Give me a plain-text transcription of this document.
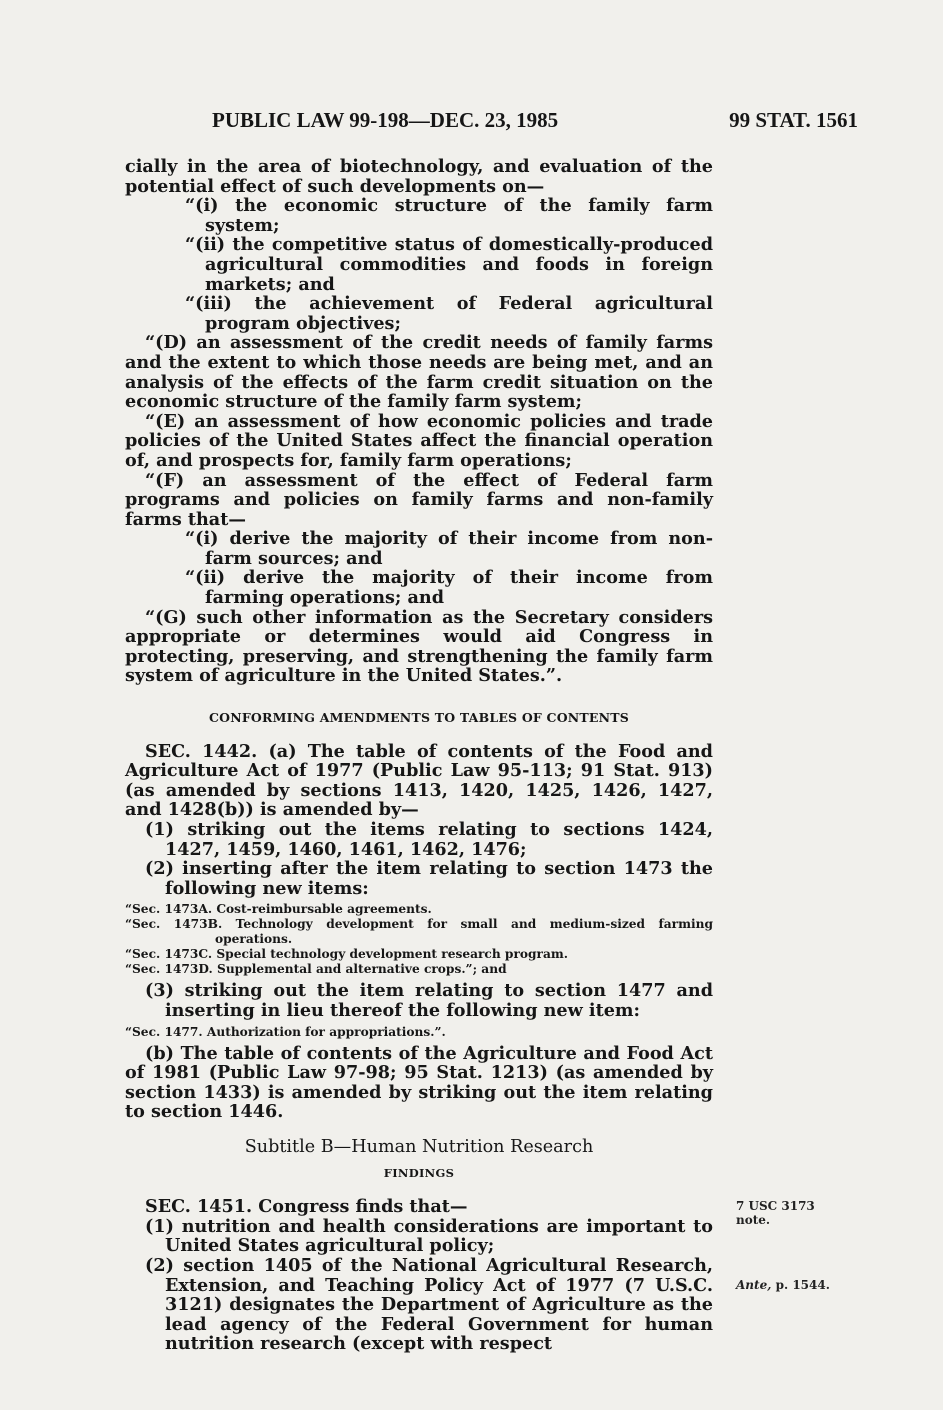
PUBLIC LAW 99-198—DEC. 23, 1985	99 STAT. 1561

cially in the area of biotechnology, and evaluation of the potential effect of such developments on—

“(i) the economic structure of the family farm system;

“(ii) the competitive status of domestically-produced agricultural commodities and foods in foreign markets; and

“(iii) the achievement of Federal agricultural program objectives;

“(D) an assessment of the credit needs of family farms and the extent to which those needs are being met, and an analysis of the effects of the farm credit situation on the economic structure of the family farm system;

“(E) an assessment of how economic policies and trade policies of the United States affect the financial operation of, and prospects for, family farm operations;

“(F) an assessment of the effect of Federal farm programs and policies on family farms and non-family farms that—

“(i) derive the majority of their income from non-farm sources; and

“(ii) derive the majority of their income from farming operations; and

“(G) such other information as the Secretary considers appropriate or determines would aid Congress in protecting, preserving, and strengthening the family farm system of agriculture in the United States.”.

CONFORMING AMENDMENTS TO TABLES OF CONTENTS

SEC. 1442. (a) The table of contents of the Food and Agriculture Act of 1977 (Public Law 95-113; 91 Stat. 913) (as amended by sections 1413, 1420, 1425, 1426, 1427, and 1428(b)) is amended by—

(1) striking out the items relating to sections 1424, 1427, 1459, 1460, 1461, 1462, 1476;

(2) inserting after the item relating to section 1473 the following new items:

“Sec. 1473A. Cost-reimbursable agreements.

“Sec. 1473B. Technology development for small and medium-sized farming operations.

“Sec. 1473C. Special technology development research program.

“Sec. 1473D. Supplemental and alternative crops.”; and

(3) striking out the item relating to section 1477 and inserting in lieu thereof the following new item:

“Sec. 1477. Authorization for appropriations.”.

(b) The table of contents of the Agriculture and Food Act of 1981 (Public Law 97-98; 95 Stat. 1213) (as amended by section 1433) is amended by striking out the item relating to section 1446.

Subtitle B—Human Nutrition Research

FINDINGS

SEC. 1451. Congress finds that—

(1) nutrition and health considerations are important to United States agricultural policy;

(2) section 1405 of the National Agricultural Research, Extension, and Teaching Policy Act of 1977 (7 U.S.C. 3121) designates the Department of Agriculture as the lead agency of the Federal Government for human nutrition research (except with respect

7 USC 3173
note.
Ante, p. 1544.
